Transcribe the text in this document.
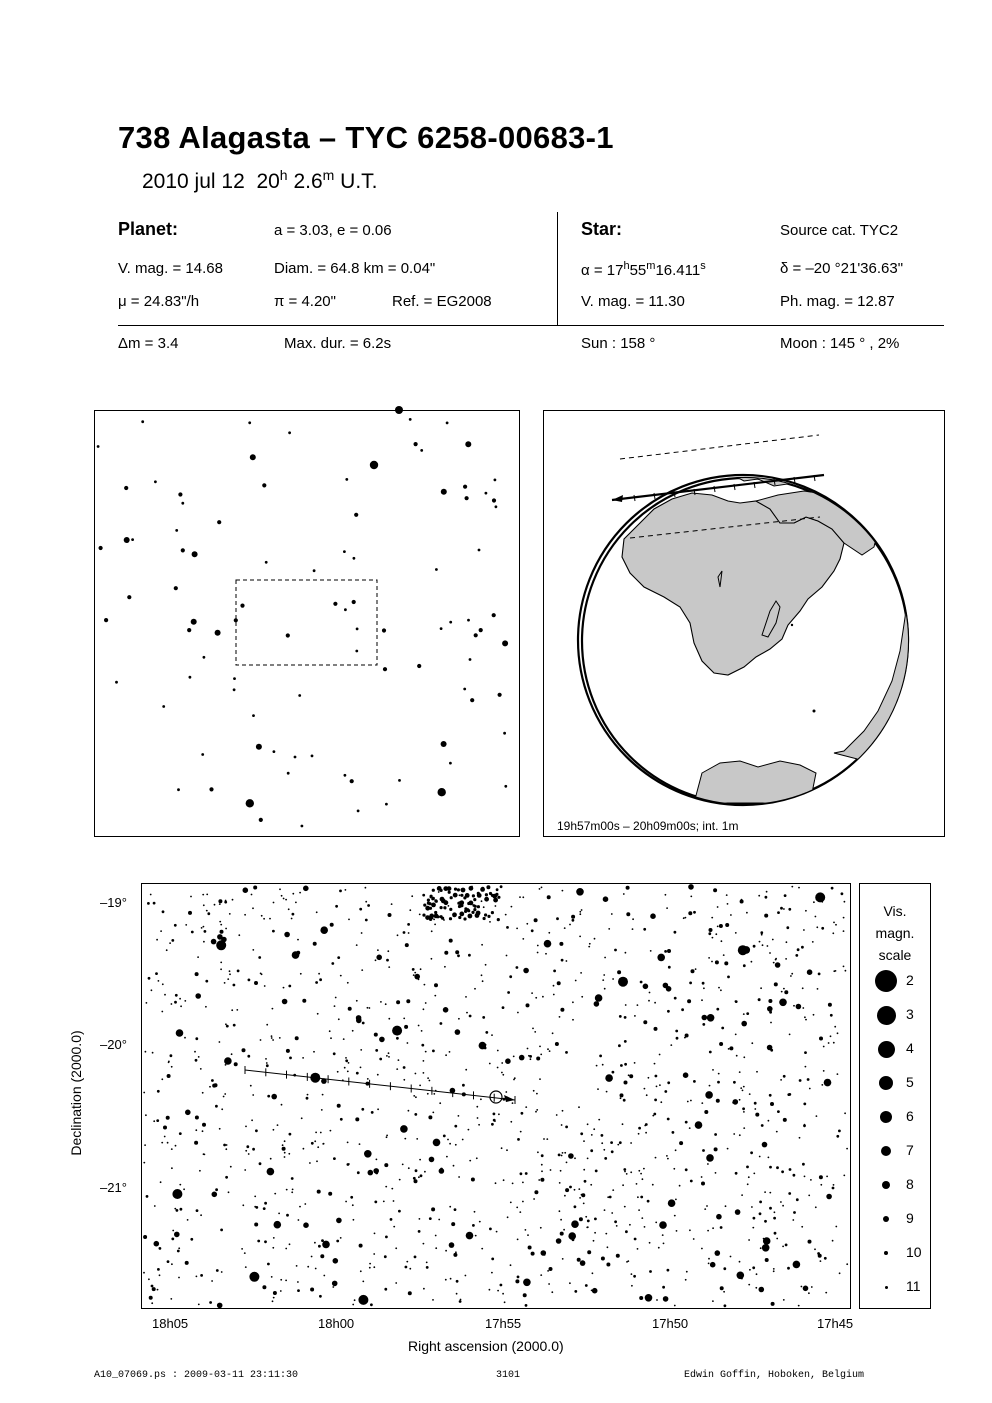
738 Alagasta – TYC 6258-00683-1
2010 jul 12 20$^h$ 2.6$^m$ U.T.
Planet:	a = 3.03, e = 0.06
V. mag. = 14.68	Diam. = 64.8 km = 0.04"
μ = 24.83"/h	π = 4.20"	Ref. = EG2008
Star:	Source cat. TYC2
$\alpha = 17^h55^m16.411^s$	δ = –20 °21'36.63"
V. mag. = 11.30	Ph. mag. = 12.87
Δm = 3.4	Max. dur. = 6.2s	Sun : 158 °	Moon : 145 ° , 2%
19h57m00s – 20h09m00s; int. 1m
–19°
–20°
–21°
18h05	18h00	17h55	17h50	17h45
Right ascension (2000.0)
Declination (2000.0)
Vis.
magn.
scale
2
3
4
5
6
7
8
9
10
11
A10_07069.ps : 2009-03-11 23:11:30	3101	Edwin Goffin, Hoboken, Belgium
